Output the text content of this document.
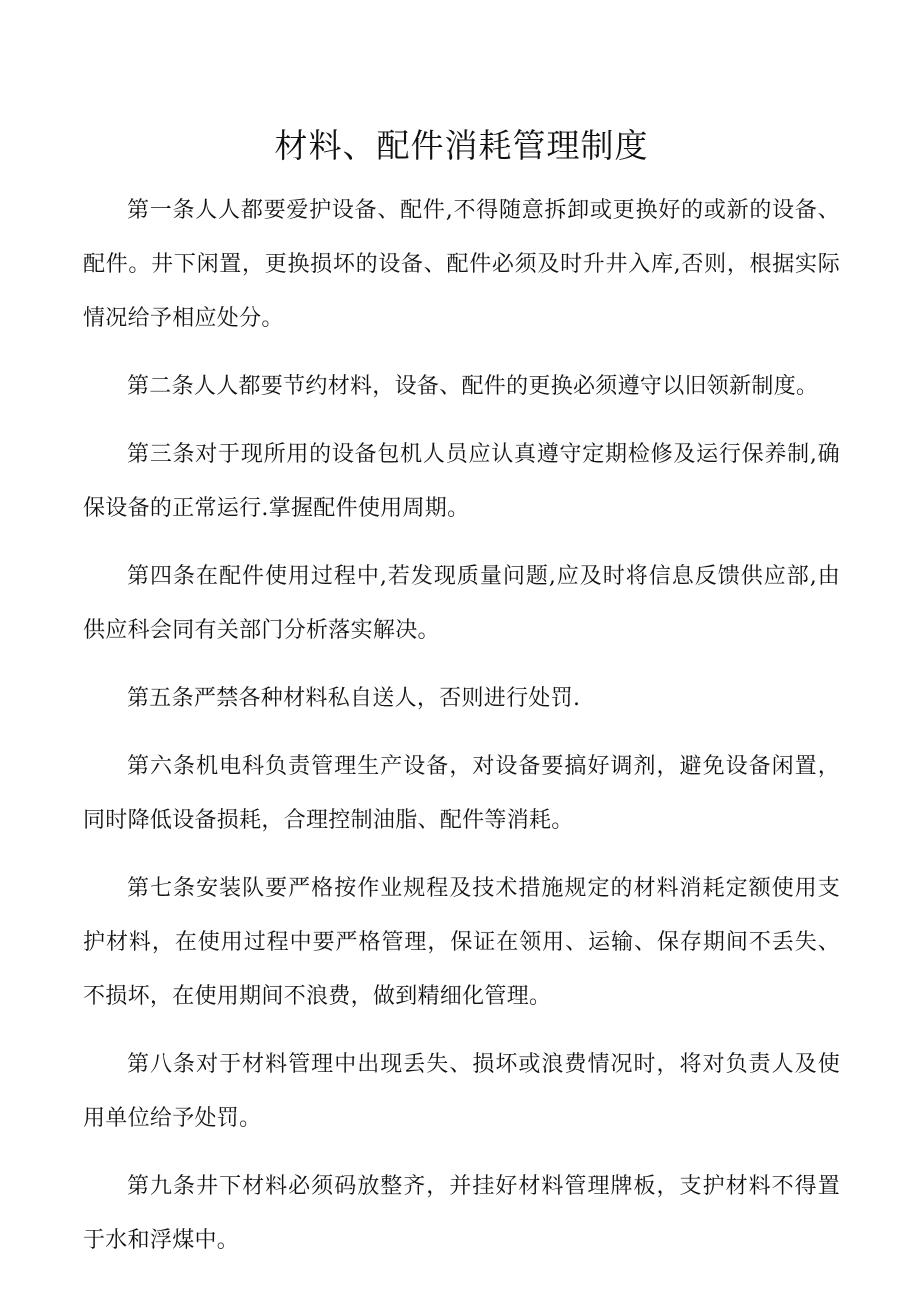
材料、配件消耗管理制度

第一条人人都要爱护设备、配件,不得随意拆卸或更换好的或新的设备、配件。井下闲置，更换损坏的设备、配件必须及时升井入库,否则，根据实际情况给予相应处分。

第二条人人都要节约材料，设备、配件的更换必须遵守以旧领新制度。

第三条对于现所用的设备包机人员应认真遵守定期检修及运行保养制,确保设备的正常运行.掌握配件使用周期。

第四条在配件使用过程中,若发现质量问题,应及时将信息反馈供应部,由供应科会同有关部门分析落实解决。

第五条严禁各种材料私自送人，否则进行处罚.

第六条机电科负责管理生产设备，对设备要搞好调剂，避免设备闲置，同时降低设备损耗，合理控制油脂、配件等消耗。

第七条安装队要严格按作业规程及技术措施规定的材料消耗定额使用支护材料，在使用过程中要严格管理，保证在领用、运输、保存期间不丢失、不损坏，在使用期间不浪费，做到精细化管理。

第八条对于材料管理中出现丢失、损坏或浪费情况时，将对负责人及使用单位给予处罚。

第九条井下材料必须码放整齐，并挂好材料管理牌板，支护材料不得置于水和浮煤中。
